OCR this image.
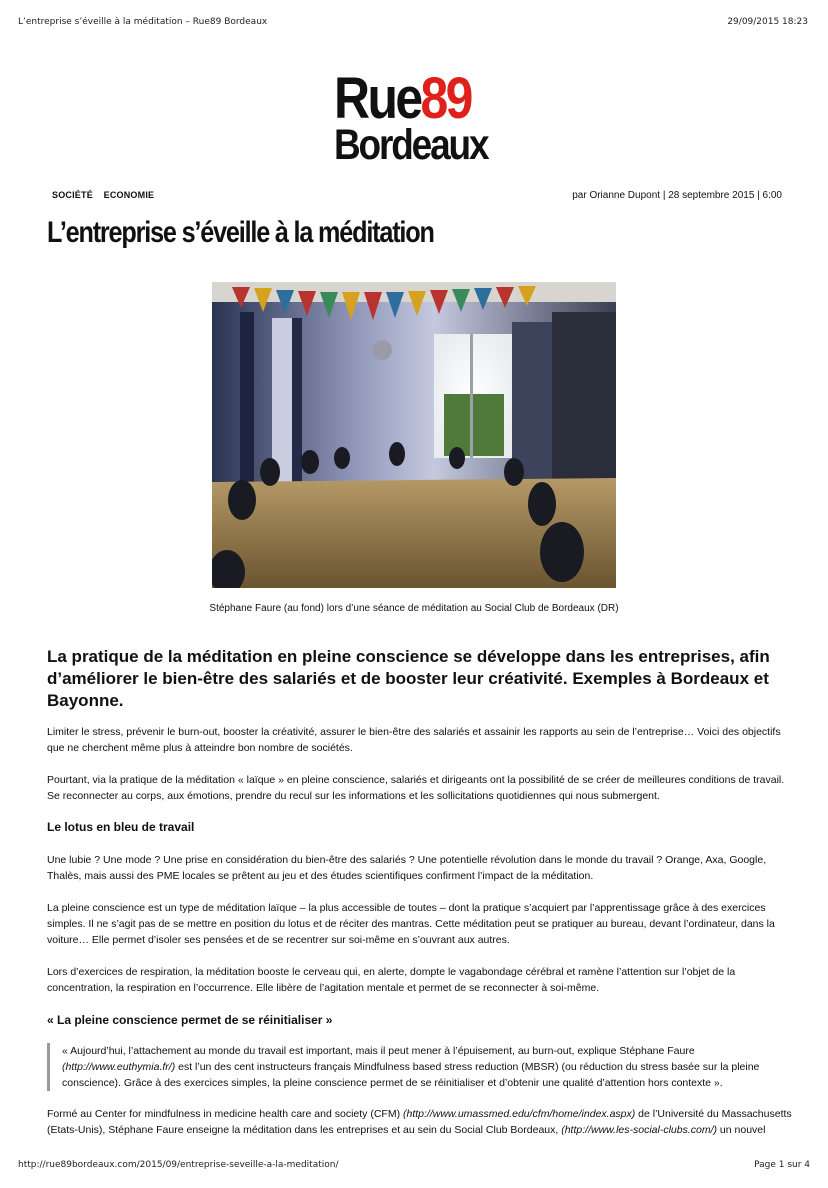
L’entreprise s’éveille à la méditation – Rue89 Bordeaux	29/09/2015 18:23
Rue89
Bordeaux
SOCIÉTÉ ECONOMIE	par Orianne Dupont | 28 septembre 2015 | 6:00
L’entreprise s’éveille à la méditation
Stéphane Faure (au fond) lors d’une séance de méditation au Social Club de Bordeaux (DR)
La pratique de la méditation en pleine conscience se développe dans les entreprises, afin d’améliorer le bien-être des salariés et de booster leur créativité. Exemples à Bordeaux et Bayonne.
Limiter le stress, prévenir le burn-out, booster la créativité, assurer le bien-être des salariés et assainir les rapports au sein de l’entreprise… Voici des objectifs que ne cherchent même plus à atteindre bon nombre de sociétés.
Pourtant, via la pratique de la méditation « laïque » en pleine conscience, salariés et dirigeants ont la possibilité de se créer de meilleures conditions de travail. Se reconnecter au corps, aux émotions, prendre du recul sur les informations et les sollicitations quotidiennes qui nous submergent.
Le lotus en bleu de travail
Une lubie ? Une mode ? Une prise en considération du bien-être des salariés ? Une potentielle révolution dans le monde du travail ? Orange, Axa, Google, Thalès, mais aussi des PME locales se prêtent au jeu et des études scientifiques confirment l’impact de la méditation.
La pleine conscience est un type de méditation laïque – la plus accessible de toutes – dont la pratique s’acquiert par l’apprentissage grâce à des exercices simples. Il ne s’agit pas de se mettre en position du lotus et de réciter des mantras. Cette méditation peut se pratiquer au bureau, devant l’ordinateur, dans la voiture… Elle permet d’isoler ses pensées et de se recentrer sur soi-même en s’ouvrant aux autres.
Lors d’exercices de respiration, la méditation booste le cerveau qui, en alerte, dompte le vagabondage cérébral et ramène l’attention sur l’objet de la concentration, la respiration en l’occurrence. Elle libère de l’agitation mentale et permet de se reconnecter à soi-même.
« La pleine conscience permet de se réinitialiser »
« Aujourd’hui, l’attachement au monde du travail est important, mais il peut mener à l’épuisement, au burn-out, explique Stéphane Faure (http://www.euthymia.fr/) est l’un des cent instructeurs français Mindfulness based stress reduction (MBSR) (ou réduction du stress basée sur la pleine conscience). Grâce à des exercices simples, la pleine conscience permet de se réinitialiser et d’obtenir une qualité d’attention hors contexte ».
Formé au Center for mindfulness in medicine health care and society (CFM) (http://www.umassmed.edu/cfm/home/index.aspx) de l’Université du Massachusetts (Etats-Unis), Stéphane Faure enseigne la méditation dans les entreprises et au sein du Social Club Bordeaux, (http://www.les-social-clubs.com/) un nouvel
http://rue89bordeaux.com/2015/09/entreprise-seveille-a-la-meditation/	Page 1 sur 4
